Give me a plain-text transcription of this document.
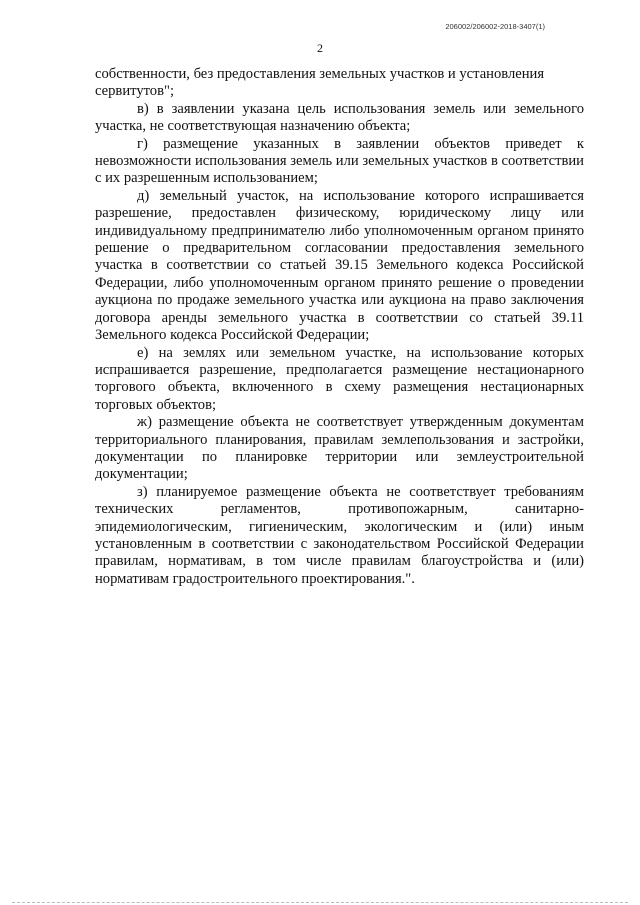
206002/206002-2018-3407(1)
2

собственности, без предоставления земельных участков и установления сервитутов";

в) в заявлении указана цель использования земель или земельного участка, не соответствующая назначению объекта;

г) размещение указанных в заявлении объектов приведет к невозможности использования земель или земельных участков в соответствии с их разрешенным использованием;

д) земельный участок, на использование которого испрашивается разрешение, предоставлен физическому, юридическому лицу или индивидуальному предпринимателю либо уполномоченным органом принято решение о предварительном согласовании предоставления земельного участка в соответствии со статьей 39.15 Земельного кодекса Российской Федерации, либо уполномоченным органом принято решение о проведении аукциона по продаже земельного участка или аукциона на право заключения договора аренды земельного участка в соответствии со статьей 39.11 Земельного кодекса Российской Федерации;

е) на землях или земельном участке, на использование которых испрашивается разрешение, предполагается размещение нестационарного торгового объекта, включенного в схему размещения нестационарных торговых объектов;

ж) размещение объекта не соответствует утвержденным документам территориального планирования, правилам землепользования и застройки, документации по планировке территории или землеустроительной документации;

з) планируемое размещение объекта не соответствует требованиям технических регламентов, противопожарным, санитарно-эпидемиологическим, гигиеническим, экологическим и (или) иным установленным в соответствии с законодательством Российской Федерации правилам, нормативам, в том числе правилам благоустройства и (или) нормативам градостроительного проектирования.".
